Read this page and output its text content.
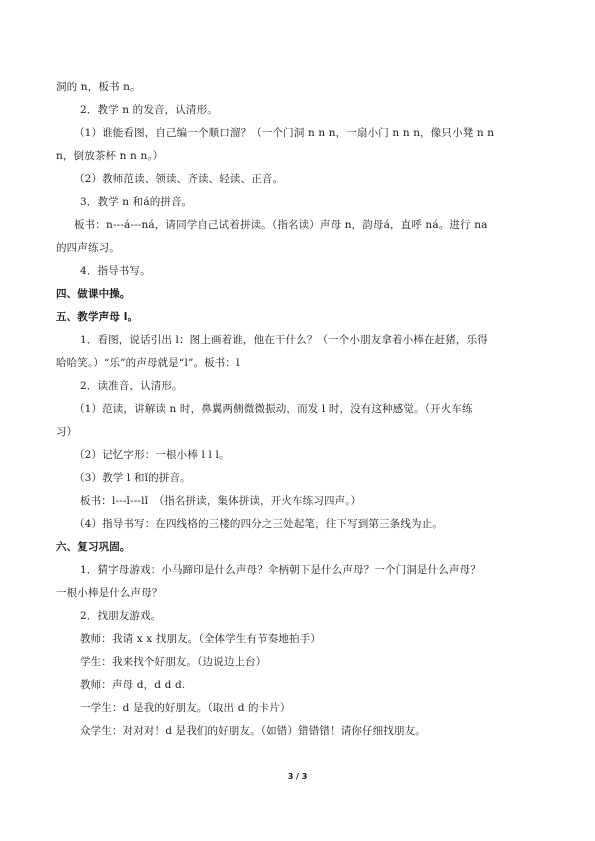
洞的 n，板书 n。
2．教学 n 的发音，认清形。
（1）谁能看图，自己编一个顺口溜？（一个门洞 n n n，一扇小门 n n n，像只小凳 n n
n，倒放茶杯 n n n。）
（2）教师范读、领读、齐读、轻读、正音。
3．教学 n 和á的拼音。
板书：n---á---ná，请同学自己试着拼读。（指名读）声母 n，韵母á，直呼 ná。进行 na
的四声练习。
4．指导书写。
四、做课中操。
五、教学声母 l。
1．看图，说话引出 l：图上画着谁，他在干什么？（一个小朋友拿着小棒在赶猪，乐得
哈哈笑。）“乐”的声母就是“l”。板书：l
2．读准音，认清形。
（1）范读，讲解读 n 时，鼻翼两侧微微振动，而发 l 时，没有这种感觉。（开火车练
习）
（2）记忆字形：一根小棒 l l l。
（3）教学 l 和ǐ的拼音。
板书：l---ǐ---lǐ　（指名拼读，集体拼读，开火车练习四声。）
（4）指导书写：在四线格的三楼的四分之三处起笔，往下写到第三条线为止。
六、复习巩固。
1．猜字母游戏：小马蹄印是什么声母？伞柄朝下是什么声母？一个门洞是什么声母？
一根小棒是什么声母？
2．找朋友游戏。
教师：我请 x x 找朋友。（全体学生有节奏地拍手）
学生：我来找个好朋友。（边说边上台）
教师：声母 d，d d d.
一学生：d 是我的好朋友。（取出 d 的卡片）
众学生：对对对！d 是我们的好朋友。（如错）错错错！请你仔细找朋友。
3 / 3
